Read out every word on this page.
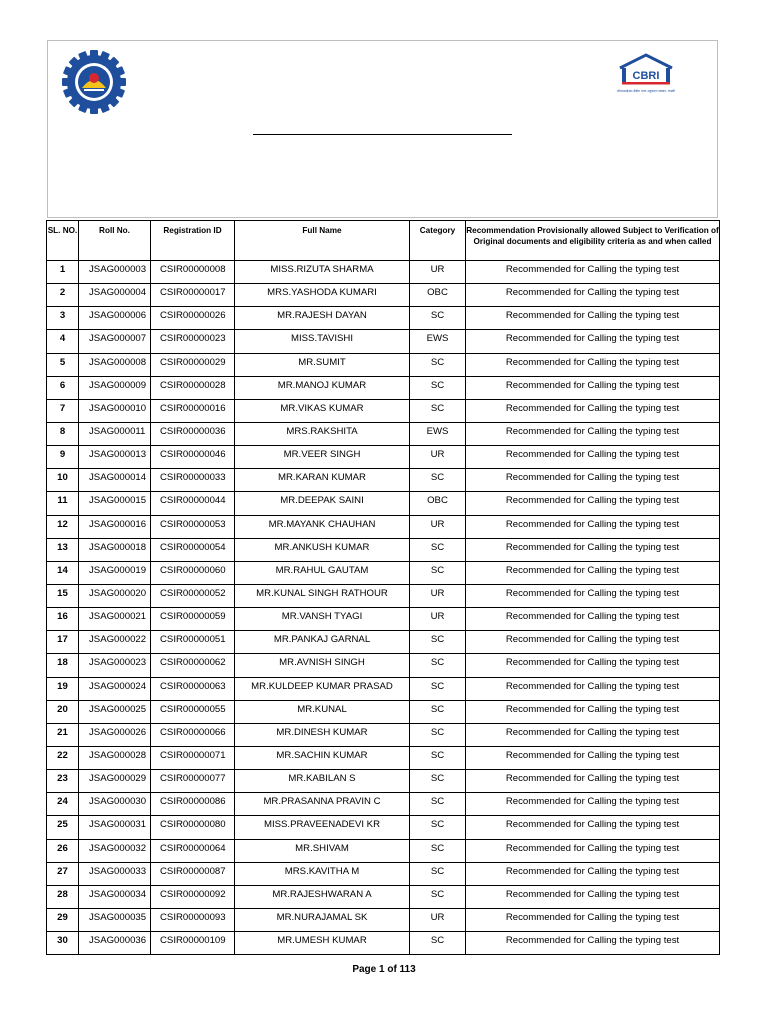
CBRI
सीएसआईआर-केंद्रीय भवन अनुसंधान संस्थान, रूड़की
SL. NO.	Roll No.	Registration ID	Full Name	Category	Recommendation Provisionally allowed Subject to Verification of Original documents and eligibility criteria as and when called
1	JSAG000003	CSIR00000008	MISS.RIZUTA SHARMA	UR	Recommended for Calling the typing test
2	JSAG000004	CSIR00000017	MRS.YASHODA KUMARI	OBC	Recommended for Calling the typing test
3	JSAG000006	CSIR00000026	MR.RAJESH DAYAN	SC	Recommended for Calling the typing test
4	JSAG000007	CSIR00000023	MISS.TAVISHI	EWS	Recommended for Calling the typing test
5	JSAG000008	CSIR00000029	MR.SUMIT	SC	Recommended for Calling the typing test
6	JSAG000009	CSIR00000028	MR.MANOJ KUMAR	SC	Recommended for Calling the typing test
7	JSAG000010	CSIR00000016	MR.VIKAS KUMAR	SC	Recommended for Calling the typing test
8	JSAG000011	CSIR00000036	MRS.RAKSHITA	EWS	Recommended for Calling the typing test
9	JSAG000013	CSIR00000046	MR.VEER SINGH	UR	Recommended for Calling the typing test
10	JSAG000014	CSIR00000033	MR.KARAN KUMAR	SC	Recommended for Calling the typing test
11	JSAG000015	CSIR00000044	MR.DEEPAK SAINI	OBC	Recommended for Calling the typing test
12	JSAG000016	CSIR00000053	MR.MAYANK CHAUHAN	UR	Recommended for Calling the typing test
13	JSAG000018	CSIR00000054	MR.ANKUSH KUMAR	SC	Recommended for Calling the typing test
14	JSAG000019	CSIR00000060	MR.RAHUL GAUTAM	SC	Recommended for Calling the typing test
15	JSAG000020	CSIR00000052	MR.KUNAL SINGH RATHOUR	UR	Recommended for Calling the typing test
16	JSAG000021	CSIR00000059	MR.VANSH TYAGI	UR	Recommended for Calling the typing test
17	JSAG000022	CSIR00000051	MR.PANKAJ GARNAL	SC	Recommended for Calling the typing test
18	JSAG000023	CSIR00000062	MR.AVNISH SINGH	SC	Recommended for Calling the typing test
19	JSAG000024	CSIR00000063	MR.KULDEEP KUMAR PRASAD	SC	Recommended for Calling the typing test
20	JSAG000025	CSIR00000055	MR.KUNAL	SC	Recommended for Calling the typing test
21	JSAG000026	CSIR00000066	MR.DINESH KUMAR	SC	Recommended for Calling the typing test
22	JSAG000028	CSIR00000071	MR.SACHIN KUMAR	SC	Recommended for Calling the typing test
23	JSAG000029	CSIR00000077	MR.KABILAN S	SC	Recommended for Calling the typing test
24	JSAG000030	CSIR00000086	MR.PRASANNA PRAVIN C	SC	Recommended for Calling the typing test
25	JSAG000031	CSIR00000080	MISS.PRAVEENADEVI KR	SC	Recommended for Calling the typing test
26	JSAG000032	CSIR00000064	MR.SHIVAM	SC	Recommended for Calling the typing test
27	JSAG000033	CSIR00000087	MRS.KAVITHA M	SC	Recommended for Calling the typing test
28	JSAG000034	CSIR00000092	MR.RAJESHWARAN A	SC	Recommended for Calling the typing test
29	JSAG000035	CSIR00000093	MR.NURAJAMAL SK	UR	Recommended for Calling the typing test
30	JSAG000036	CSIR00000109	MR.UMESH KUMAR	SC	Recommended for Calling the typing test
Page 1 of 113
